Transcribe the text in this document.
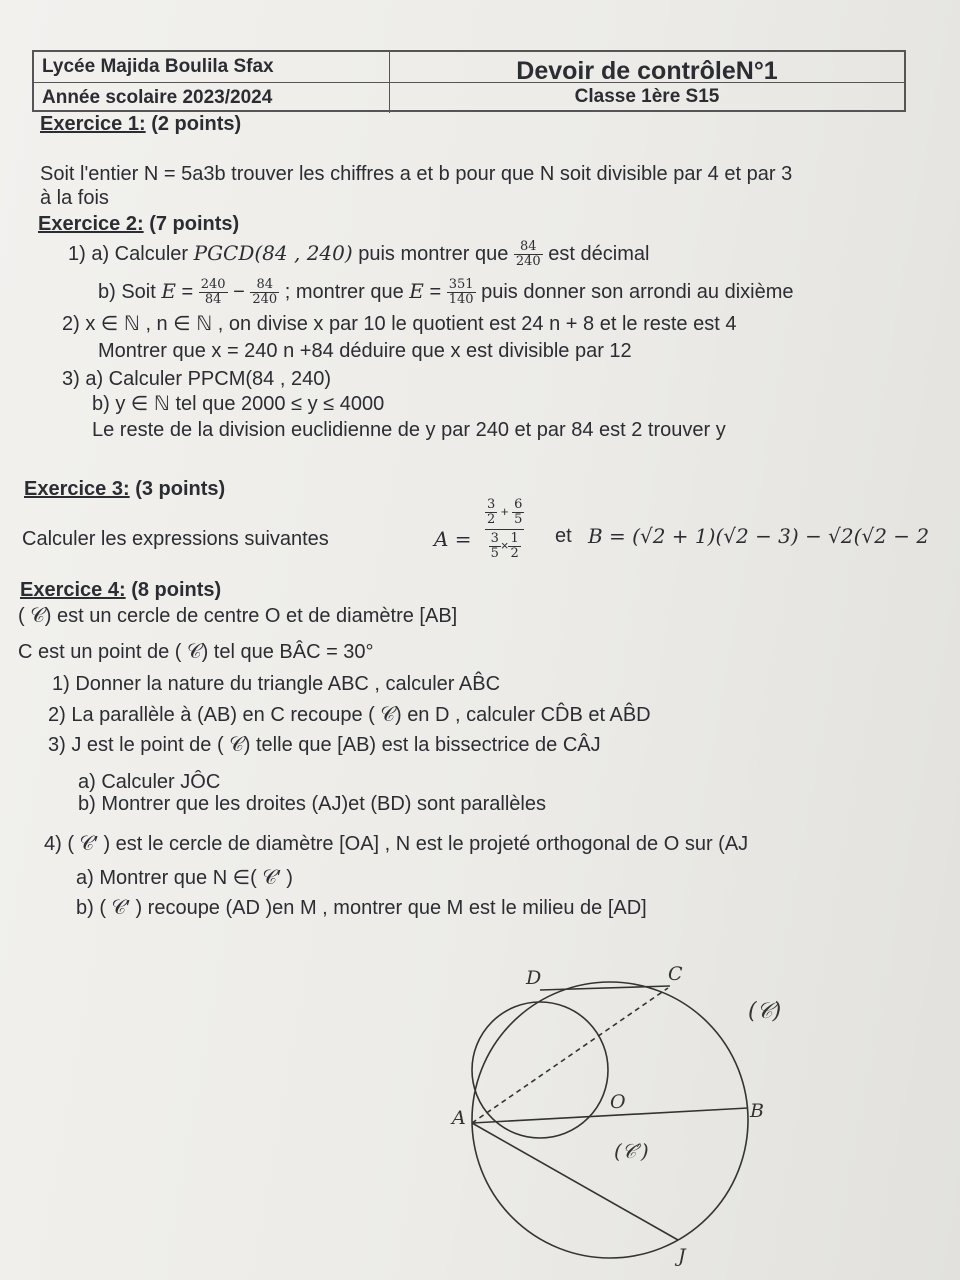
Lycée Majida Boulila Sfax	Devoir de contrôleN°1
Année scolaire 2023/2024	Classe 1ère S15
Exercice 1: (2 points)
Soit l'entier N = 5a3b trouver les chiffres a et b pour que N soit divisible par 4 et par 3
à la fois
Exercice 2: (7 points)
1) a) Calculer PGCD(84 , 240) puis montrer que $\frac{84}{240}$ est décimal
b) Soit $E = \frac{240}{84} - \frac{84}{240}$ ; montrer que $E = \frac{351}{140}$ puis donner son arrondi au dixième
2) x ∈ ℕ , n ∈ ℕ , on divise x par 10 le quotient est 24 n + 8 et le reste est 4
Montrer que x = 240 n +84 déduire que x est divisible par 12
3) a) Calculer PPCM(84 , 240)
b) y ∈ ℕ tel que 2000 ≤ y ≤ 4000
Le reste de la division euclidienne de y par 240 et par 84 est 2 trouver y
Exercice 3: (3 points)
Calculer les expressions suivantes	$A = \frac{\frac{3}{2} + \frac{6}{5}}{\frac{3}{5} \times \frac{1}{2}}$ et B = (√2 + 1)(√2 − 3) − √2(√2 − 2
Exercice 4: (8 points)
( 𝒞) est un cercle de centre O et de diamètre [AB]
C est un point de ( 𝒞) tel que BÂC = 30°
1) Donner la nature du triangle ABC , calculer AB̂C
2) La parallèle à (AB) en C recoupe ( 𝒞) en D , calculer CD̂B et AB̂D
3) J est le point de ( 𝒞) telle que [AB) est la bissectrice de CÂJ
a) Calculer JÔC
b) Montrer que les droites (AJ)et (BD) sont parallèles
4) ( 𝒞′ ) est le cercle de diamètre [OA] , N est le projeté orthogonal de O sur (AJ
a) Montrer que N ∈( 𝒞′ )
b) ( 𝒞′ ) recoupe (AD )en M , montrer que M est le milieu de [AD]
D	C
A
O	B
J
(𝒞)
(𝒞′)
